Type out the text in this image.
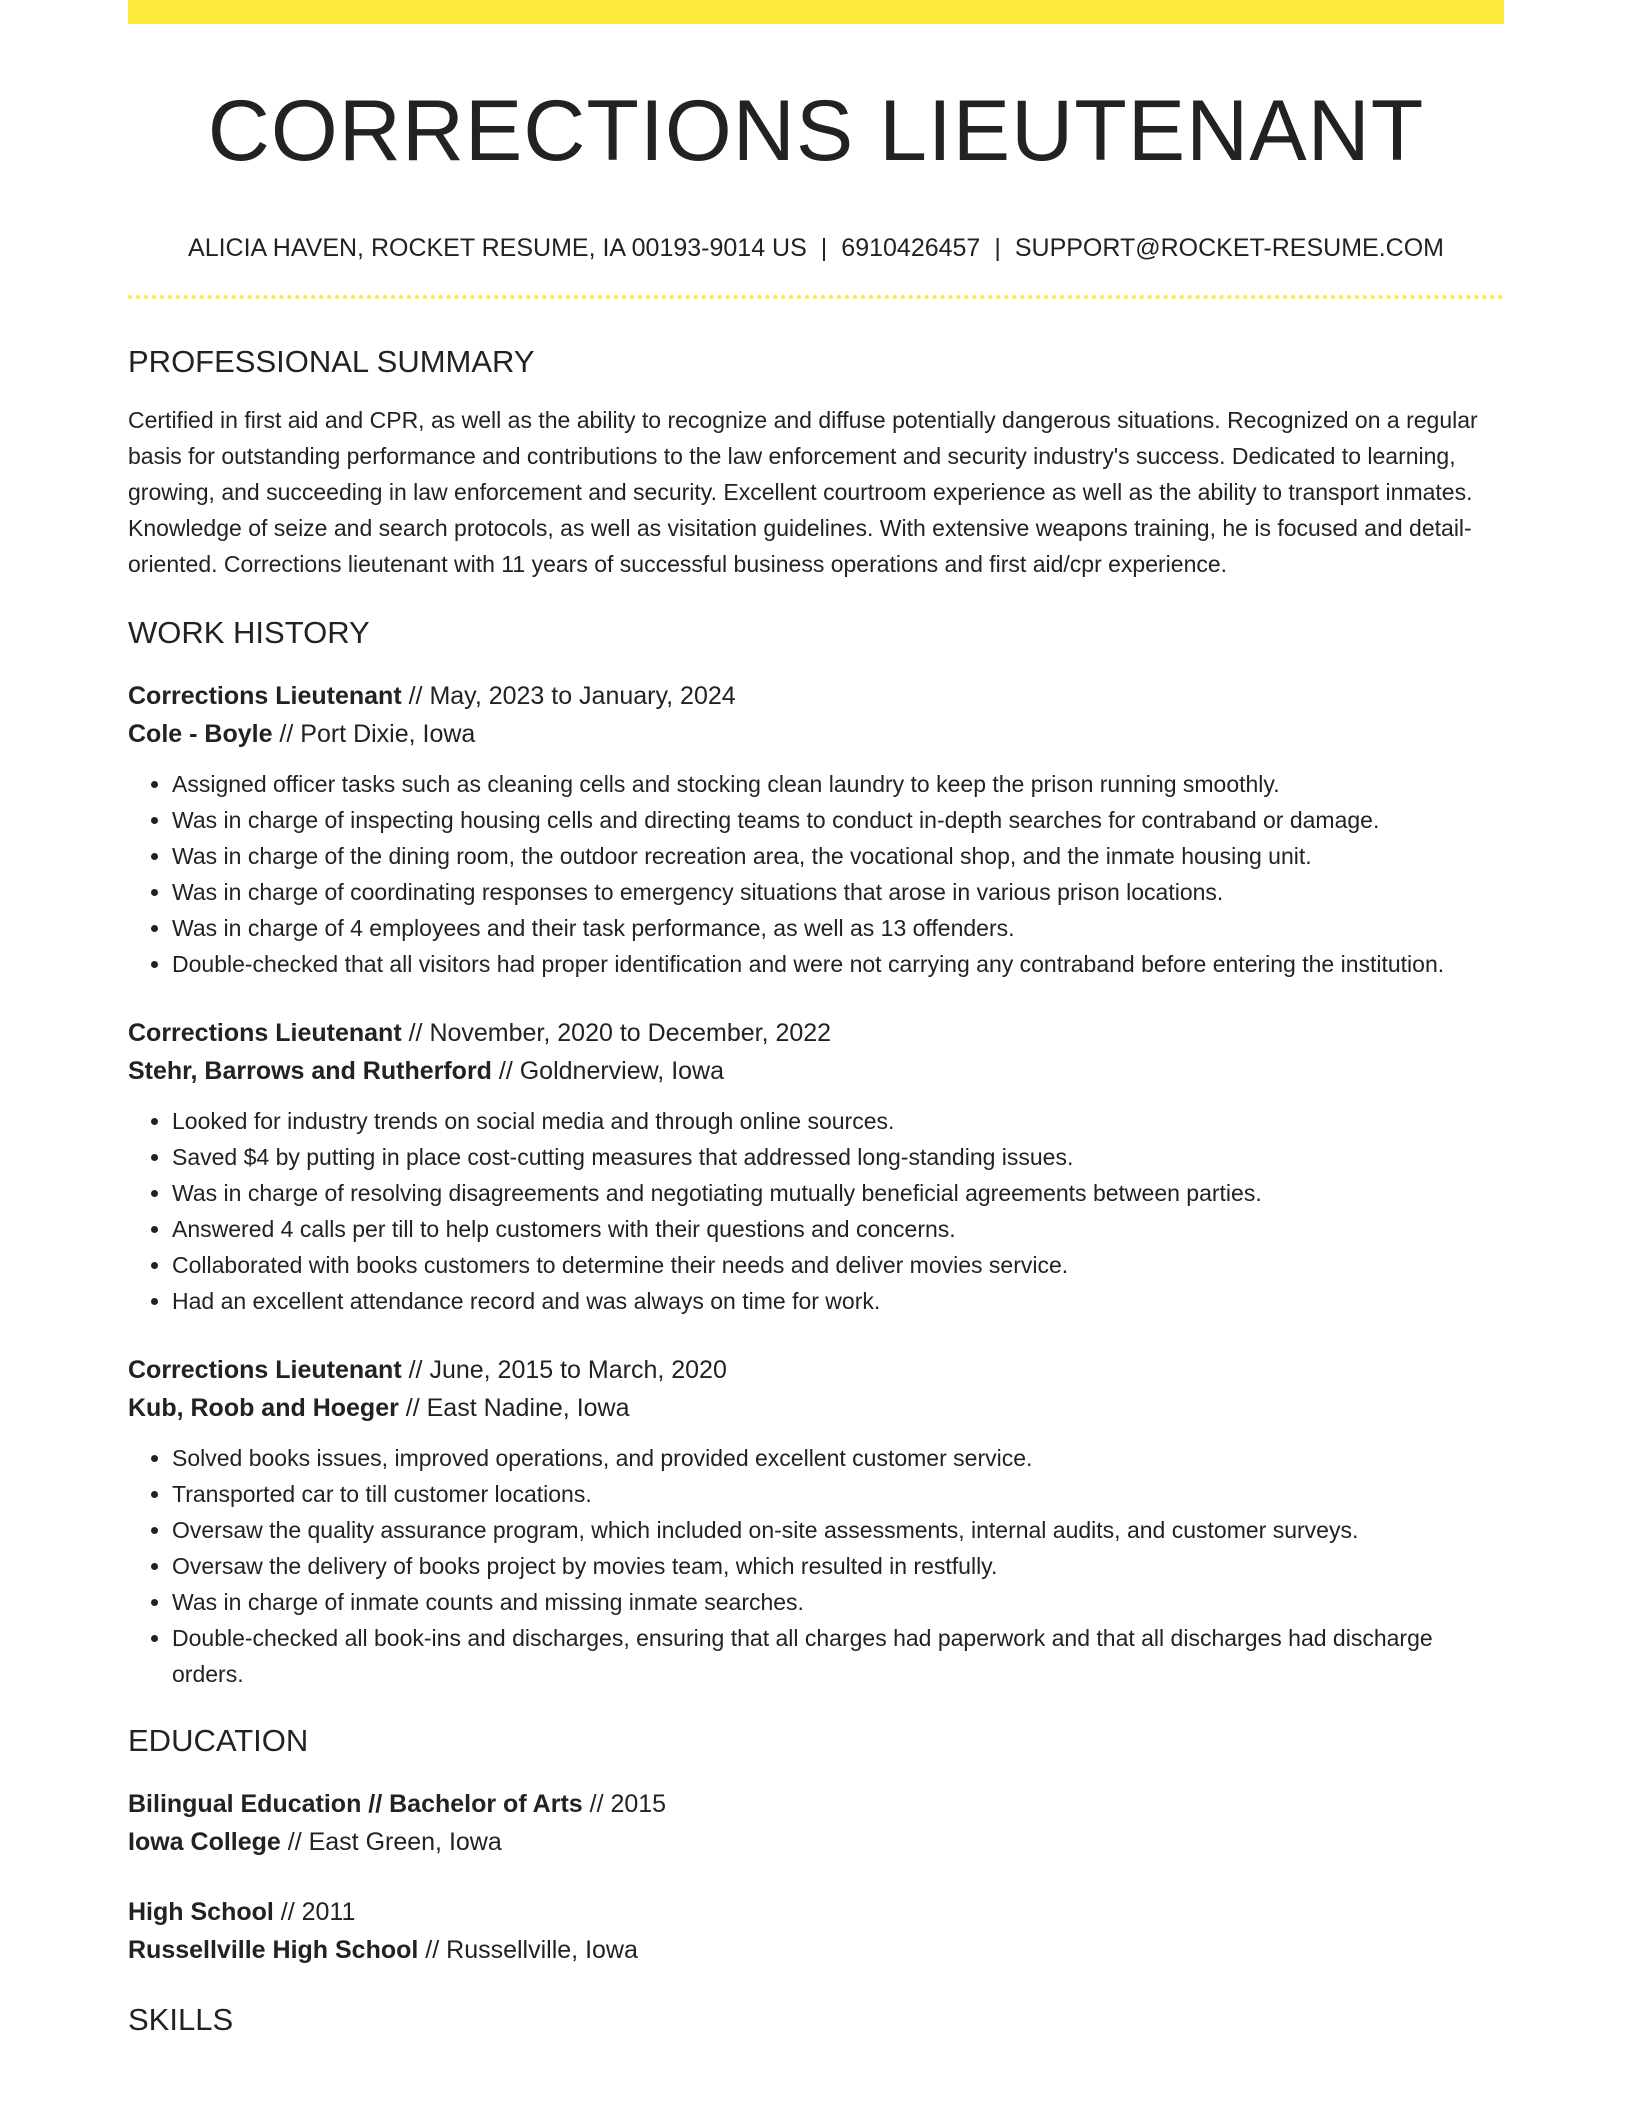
CORRECTIONS LIEUTENANT
ALICIA HAVEN, ROCKET RESUME, IA 00193-9014 US | 6910426457 | SUPPORT@ROCKET-RESUME.COM
PROFESSIONAL SUMMARY

Certified in first aid and CPR, as well as the ability to recognize and diffuse potentially dangerous situations. Recognized on a regular basis for outstanding performance and contributions to the law enforcement and security industry's success. Dedicated to learning, growing, and succeeding in law enforcement and security. Excellent courtroom experience as well as the ability to transport inmates. Knowledge of seize and search protocols, as well as visitation guidelines. With extensive weapons training, he is focused and detail-oriented. Corrections lieutenant with 11 years of successful business operations and first aid/cpr experience.

WORK HISTORY
Corrections Lieutenant // May, 2023 to January, 2024
Cole - Boyle // Port Dixie, Iowa
• Assigned officer tasks such as cleaning cells and stocking clean laundry to keep the prison running smoothly.
• Was in charge of inspecting housing cells and directing teams to conduct in-depth searches for contraband or damage.
• Was in charge of the dining room, the outdoor recreation area, the vocational shop, and the inmate housing unit.
• Was in charge of coordinating responses to emergency situations that arose in various prison locations.
• Was in charge of 4 employees and their task performance, as well as 13 offenders.
• Double-checked that all visitors had proper identification and were not carrying any contraband before entering the institution.
Corrections Lieutenant // November, 2020 to December, 2022
Stehr, Barrows and Rutherford // Goldnerview, Iowa
• Looked for industry trends on social media and through online sources.
• Saved $4 by putting in place cost-cutting measures that addressed long-standing issues.
• Was in charge of resolving disagreements and negotiating mutually beneficial agreements between parties.
• Answered 4 calls per till to help customers with their questions and concerns.
• Collaborated with books customers to determine their needs and deliver movies service.
• Had an excellent attendance record and was always on time for work.
Corrections Lieutenant // June, 2015 to March, 2020
Kub, Roob and Hoeger // East Nadine, Iowa
• Solved books issues, improved operations, and provided excellent customer service.
• Transported car to till customer locations.
• Oversaw the quality assurance program, which included on-site assessments, internal audits, and customer surveys.
• Oversaw the delivery of books project by movies team, which resulted in restfully.
• Was in charge of inmate counts and missing inmate searches.
• Double-checked all book-ins and discharges, ensuring that all charges had paperwork and that all discharges had discharge orders.
EDUCATION
Bilingual Education // Bachelor of Arts // 2015
Iowa College // East Green, Iowa
High School // 2011
Russellville High School // Russellville, Iowa
SKILLS
